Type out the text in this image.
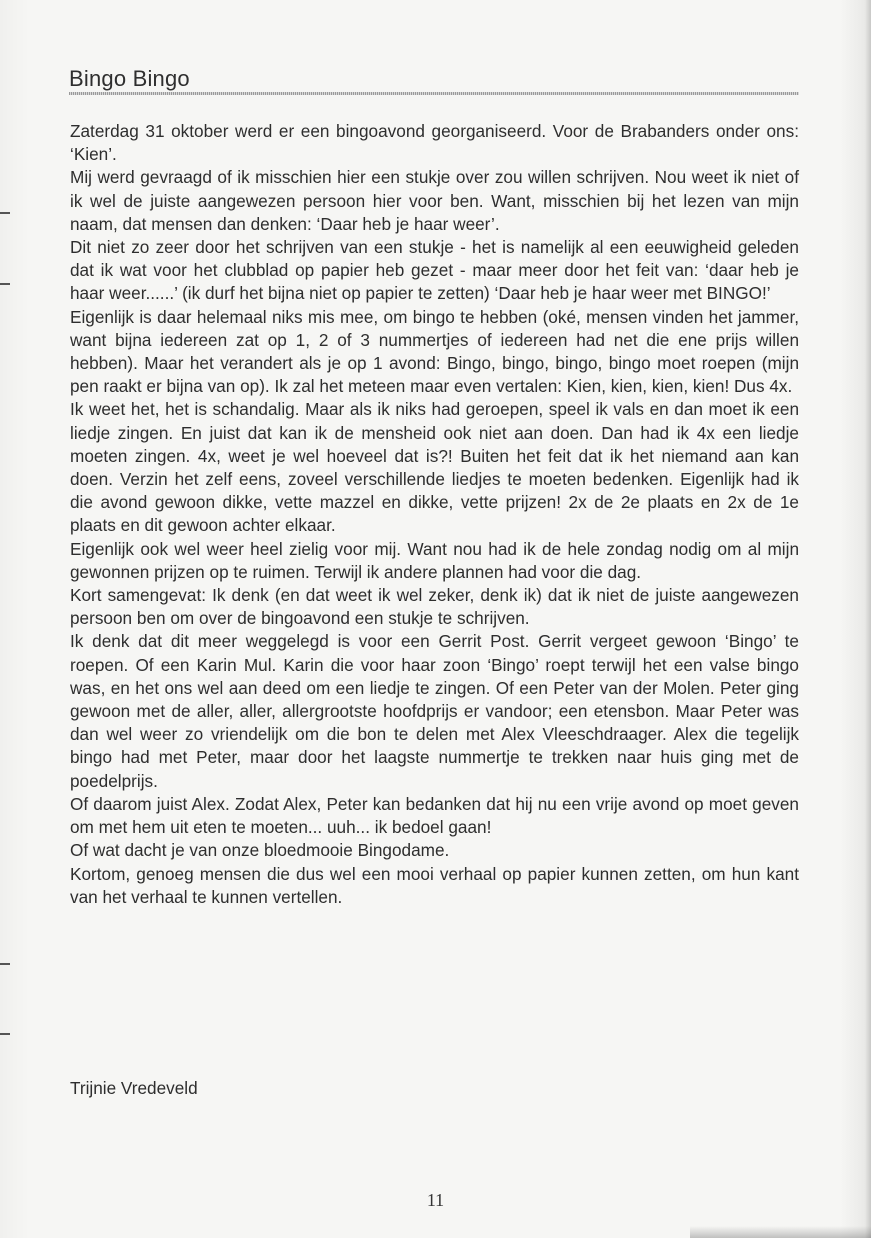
Bingo Bingo

Zaterdag 31 oktober werd er een bingoavond georganiseerd. Voor de Brabanders onder ons: ‘Kien’.

Mij werd gevraagd of ik misschien hier een stukje over zou willen schrijven. Nou weet ik niet of ik wel de juiste aangewezen persoon hier voor ben. Want, misschien bij het lezen van mijn naam, dat mensen dan denken: ‘Daar heb je haar weer’.

Dit niet zo zeer door het schrijven van een stukje - het is namelijk al een eeuwigheid geleden dat ik wat voor het clubblad op papier heb gezet - maar meer door het feit van: ‘daar heb je haar weer......’ (ik durf het bijna niet op papier te zetten) ‘Daar heb je haar weer met BINGO!’

Eigenlijk is daar helemaal niks mis mee, om bingo te hebben (oké, mensen vinden het jammer, want bijna iedereen zat op 1, 2 of 3 nummertjes of iedereen had net die ene prijs willen hebben). Maar het verandert als je op 1 avond: Bingo, bingo, bingo, bingo moet roepen (mijn pen raakt er bijna van op). Ik zal het meteen maar even vertalen: Kien, kien, kien, kien! Dus 4x.

Ik weet het, het is schandalig. Maar als ik niks had geroepen, speel ik vals en dan moet ik een liedje zingen. En juist dat kan ik de mensheid ook niet aan doen. Dan had ik 4x een liedje moeten zingen. 4x, weet je wel hoeveel dat is?! Buiten het feit dat ik het niemand aan kan doen. Verzin het zelf eens, zoveel verschillende liedjes te moeten bedenken. Eigenlijk had ik die avond gewoon dikke, vette mazzel en dikke, vette prijzen! 2x de 2e plaats en 2x de 1e plaats en dit gewoon achter elkaar.

Eigenlijk ook wel weer heel zielig voor mij. Want nou had ik de hele zondag nodig om al mijn gewonnen prijzen op te ruimen. Terwijl ik andere plannen had voor die dag.

Kort samengevat: Ik denk (en dat weet ik wel zeker, denk ik) dat ik niet de juiste aangewezen persoon ben om over de bingoavond een stukje te schrijven.

Ik denk dat dit meer weggelegd is voor een Gerrit Post. Gerrit vergeet gewoon ‘Bingo’ te roepen. Of een Karin Mul. Karin die voor haar zoon ‘Bingo’ roept terwijl het een valse bingo was, en het ons wel aan deed om een liedje te zingen. Of een Peter van der Molen. Peter ging gewoon met de aller, aller, allergrootste hoofdprijs er vandoor; een etensbon. Maar Peter was dan wel weer zo vriendelijk om die bon te delen met Alex Vleeschdraager. Alex die tegelijk bingo had met Peter, maar door het laagste nummertje te trekken naar huis ging met de poedelprijs.

Of daarom juist Alex. Zodat Alex, Peter kan bedanken dat hij nu een vrije avond op moet geven om met hem uit eten te moeten... uuh... ik bedoel gaan!

Of wat dacht je van onze bloedmooie Bingodame.

Kortom, genoeg mensen die dus wel een mooi verhaal op papier kunnen zetten, om hun kant van het verhaal te kunnen vertellen.

Trijnie Vredeveld
11
